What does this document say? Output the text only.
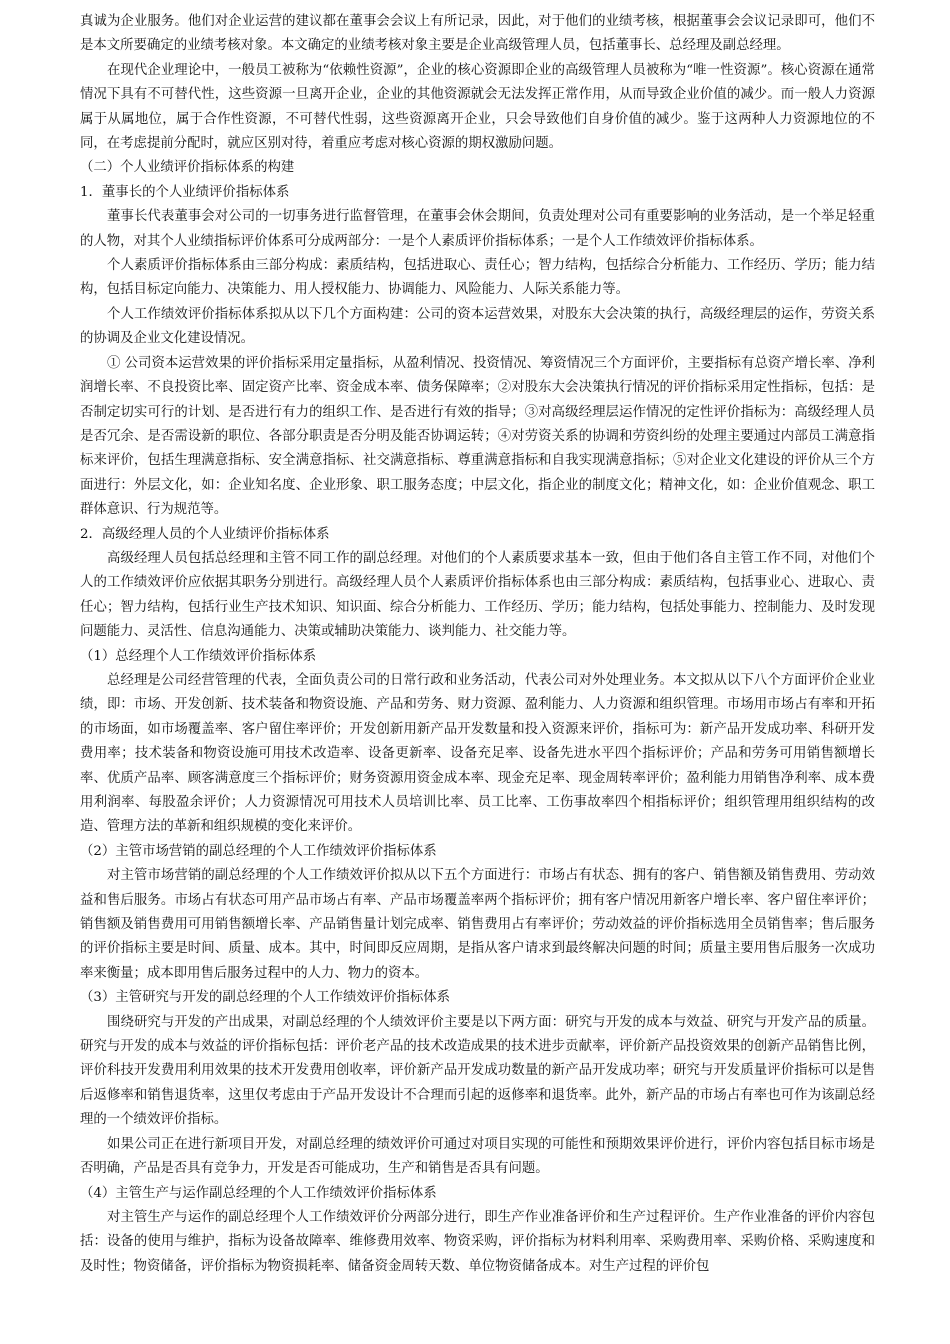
真诚为企业服务。他们对企业运营的建议都在董事会会议上有所记录，因此，对于他们的业绩考核，根据董事会会议记录即可，他们不是本文所要确定的业绩考核对象。本文确定的业绩考核对象主要是企业高级管理人员，包括董事长、总经理及副总经理。

在现代企业理论中，一般员工被称为“依赖性资源”，企业的核心资源即企业的高级管理人员被称为“唯一性资源”。核心资源在通常情况下具有不可替代性，这些资源一旦离开企业，企业的其他资源就会无法发挥正常作用，从而导致企业价值的减少。而一般人力资源属于从属地位，属于合作性资源，不可替代性弱，这些资源离开企业，只会导致他们自身价值的减少。鉴于这两种人力资源地位的不同，在考虑提前分配时，就应区别对待，着重应考虑对核心资源的期权激励问题。

（二）个人业绩评价指标体系的构建

1．董事长的个人业绩评价指标体系

董事长代表董事会对公司的一切事务进行监督管理，在董事会休会期间，负责处理对公司有重要影响的业务活动，是一个举足轻重的人物，对其个人业绩指标评价体系可分成两部分：一是个人素质评价指标体系；一是个人工作绩效评价指标体系。

个人素质评价指标体系由三部分构成：素质结构，包括进取心、责任心；智力结构，包括综合分析能力、工作经历、学历；能力结构，包括目标定向能力、决策能力、用人授权能力、协调能力、风险能力、人际关系能力等。

个人工作绩效评价指标体系拟从以下几个方面构建：公司的资本运营效果，对股东大会决策的执行，高级经理层的运作，劳资关系的协调及企业文化建设情况。

① 公司资本运营效果的评价指标采用定量指标，从盈利情况、投资情况、筹资情况三个方面评价，主要指标有总资产增长率、净利润增长率、不良投资比率、固定资产比率、资金成本率、债务保障率；②对股东大会决策执行情况的评价指标采用定性指标，包括：是否制定切实可行的计划、是否进行有力的组织工作、是否进行有效的指导；③对高级经理层运作情况的定性评价指标为：高级经理人员是否冗余、是否需设新的职位、各部分职责是否分明及能否协调运转；④对劳资关系的协调和劳资纠纷的处理主要通过内部员工满意指标来评价，包括生理满意指标、安全满意指标、社交满意指标、尊重满意指标和自我实现满意指标；⑤对企业文化建设的评价从三个方面进行：外层文化，如：企业知名度、企业形象、职工服务态度；中层文化，指企业的制度文化；精神文化，如：企业价值观念、职工群体意识、行为规范等。

2．高级经理人员的个人业绩评价指标体系

高级经理人员包括总经理和主管不同工作的副总经理。对他们的个人素质要求基本一致，但由于他们各自主管工作不同，对他们个人的工作绩效评价应依据其职务分别进行。高级经理人员个人素质评价指标体系也由三部分构成：素质结构，包括事业心、进取心、责任心；智力结构，包括行业生产技术知识、知识面、综合分析能力、工作经历、学历；能力结构，包括处事能力、控制能力、及时发现问题能力、灵活性、信息沟通能力、决策或辅助决策能力、谈判能力、社交能力等。

（1）总经理个人工作绩效评价指标体系

总经理是公司经营管理的代表，全面负责公司的日常行政和业务活动，代表公司对外处理业务。本文拟从以下八个方面评价企业业绩，即：市场、开发创新、技术装备和物资设施、产品和劳务、财力资源、盈利能力、人力资源和组织管理。市场用市场占有率和开拓的市场面，如市场覆盖率、客户留住率评价；开发创新用新产品开发数量和投入资源来评价，指标可为：新产品开发成功率、科研开发费用率；技术装备和物资设施可用技术改造率、设备更新率、设备充足率、设备先进水平四个指标评价；产品和劳务可用销售额增长率、优质产品率、顾客满意度三个指标评价；财务资源用资金成本率、现金充足率、现金周转率评价；盈利能力用销售净利率、成本费用利润率、每股盈余评价；人力资源情况可用技术人员培训比率、员工比率、工伤事故率四个相指标评价；组织管理用组织结构的改造、管理方法的革新和组织规模的变化来评价。

（2）主管市场营销的副总经理的个人工作绩效评价指标体系

对主管市场营销的副总经理的个人工作绩效评价拟从以下五个方面进行：市场占有状态、拥有的客户、销售额及销售费用、劳动效益和售后服务。市场占有状态可用产品市场占有率、产品市场覆盖率两个指标评价；拥有客户情况用新客户增长率、客户留住率评价；销售额及销售费用可用销售额增长率、产品销售量计划完成率、销售费用占有率评价；劳动效益的评价指标选用全员销售率；售后服务的评价指标主要是时间、质量、成本。其中，时间即反应周期，是指从客户请求到最终解决问题的时间；质量主要用售后服务一次成功率来衡量；成本即用售后服务过程中的人力、物力的资本。

（3）主管研究与开发的副总经理的个人工作绩效评价指标体系

围绕研究与开发的产出成果，对副总经理的个人绩效评价主要是以下两方面：研究与开发的成本与效益、研究与开发产品的质量。研究与开发的成本与效益的评价指标包括：评价老产品的技术改造成果的技术进步贡献率，评价新产品投资效果的创新产品销售比例，评价科技开发费用利用效果的技术开发费用创收率，评价新产品开发成功数量的新产品开发成功率；研究与开发质量评价指标可以是售后返修率和销售退货率，这里仅考虑由于产品开发设计不合理而引起的返修率和退货率。此外，新产品的市场占有率也可作为该副总经理的一个绩效评价指标。

如果公司正在进行新项目开发，对副总经理的绩效评价可通过对项目实现的可能性和预期效果评价进行，评价内容包括目标市场是否明确，产品是否具有竞争力，开发是否可能成功，生产和销售是否具有问题。

（4）主管生产与运作副总经理的个人工作绩效评价指标体系

对主管生产与运作的副总经理个人工作绩效评价分两部分进行，即生产作业准备评价和生产过程评价。生产作业准备的评价内容包括：设备的使用与维护，指标为设备故障率、维修费用效率、物资采购，评价指标为材料利用率、采购费用率、采购价格、采购速度和及时性；物资储备，评价指标为物资损耗率、储备资金周转天数、单位物资储备成本。对生产过程的评价包
